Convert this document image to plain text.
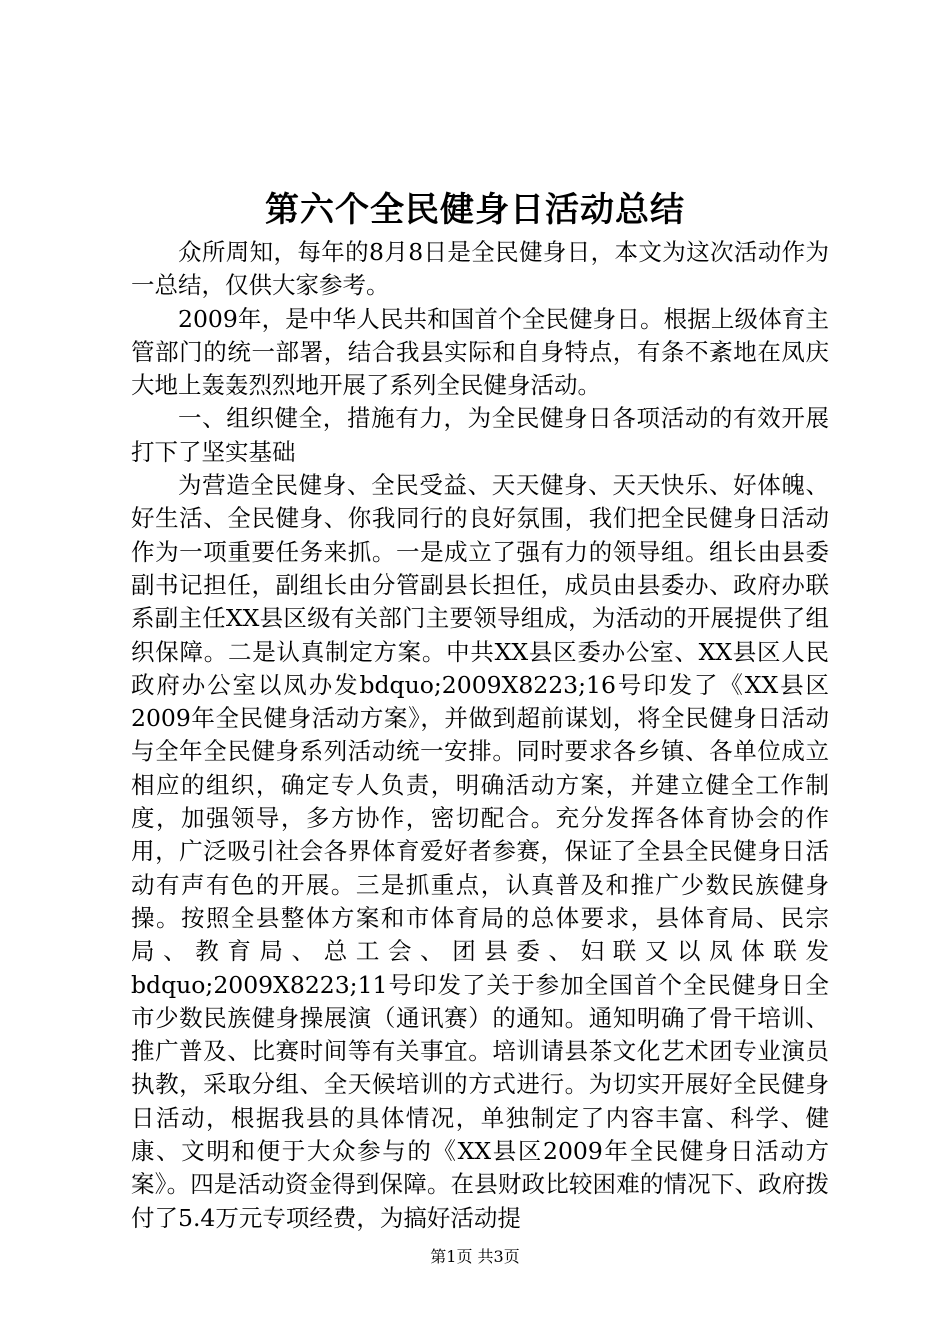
第六个全民健身日活动总结

众所周知，每年的8月8日是全民健身日，本文为这次活动作为一总结，仅供大家参考。

2009年，是中华人民共和国首个全民健身日。根据上级体育主管部门的统一部署，结合我县实际和自身特点，有条不紊地在凤庆大地上轰轰烈烈地开展了系列全民健身活动。

一、组织健全，措施有力，为全民健身日各项活动的有效开展打下了坚实基础

为营造全民健身、全民受益、天天健身、天天快乐、好体魄、好生活、全民健身、你我同行的良好氛围，我们把全民健身日活动作为一项重要任务来抓。一是成立了强有力的领导组。组长由县委副书记担任，副组长由分管副县长担任，成员由县委办、政府办联系副主任XX县区级有关部门主要领导组成，为活动的开展提供了组织保障。二是认真制定方案。中共XX县区委办公室、XX县区人民政府办公室以凤办发bdquo;2009X8223;16号印发了《XX县区2009年全民健身活动方案》，并做到超前谋划，将全民健身日活动与全年全民健身系列活动统一安排。同时要求各乡镇、各单位成立相应的组织，确定专人负责，明确活动方案，并建立健全工作制度，加强领导，多方协作，密切配合。充分发挥各体育协会的作用，广泛吸引社会各界体育爱好者参赛，保证了全县全民健身日活动有声有色的开展。三是抓重点，认真普及和推广少数民族健身操。按照全县整体方案和市体育局的总体要求，县体育局、民宗局、教育局、总工会、团县委、妇联又以凤体联发bdquo;2009X8223;11号印发了关于参加全国首个全民健身日全市少数民族健身操展演（通讯赛）的通知。通知明确了骨干培训、推广普及、比赛时间等有关事宜。培训请县茶文化艺术团专业演员执教，采取分组、全天候培训的方式进行。为切实开展好全民健身日活动，根据我县的具体情况，单独制定了内容丰富、科学、健康、文明和便于大众参与的《XX县区2009年全民健身日活动方案》。四是活动资金得到保障。在县财政比较困难的情况下、政府拨付了5.4万元专项经费，为搞好活动提

第1页 共3页
